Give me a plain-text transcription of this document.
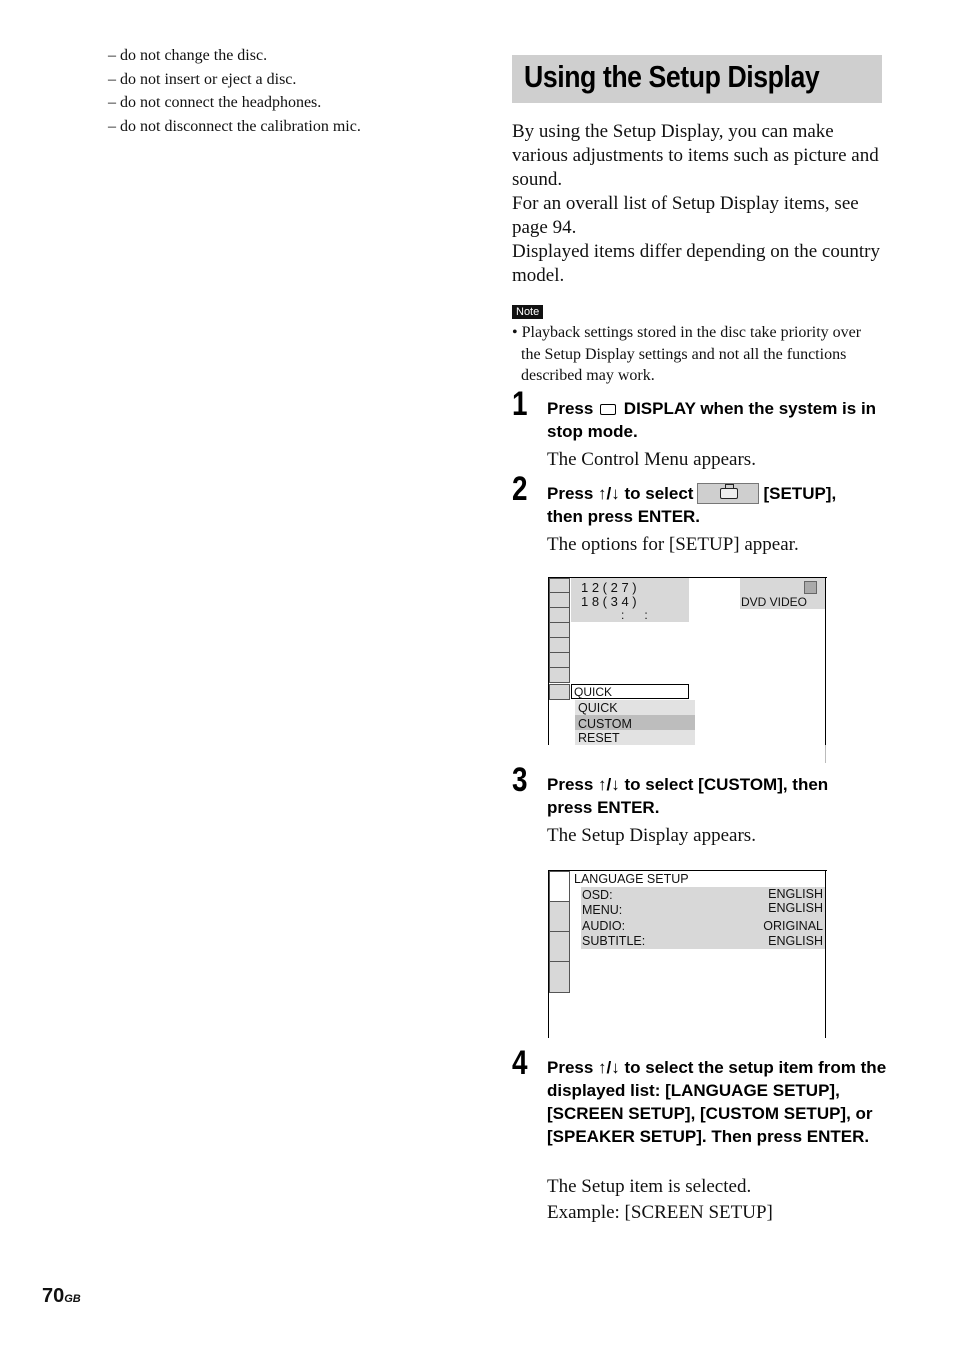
– do not change the disc.
– do not insert or eject a disc.
– do not connect the headphones.
– do not disconnect the calibration mic.
Using the Setup Display

By using the Setup Display, you can make various adjustments to items such as picture and sound.

For an overall list of Setup Display items, see page 94.

Displayed items differ depending on the country model.

Note
• Playback settings stored in the disc take priority over the Setup Display settings and not all the functions described may work.
1 Press DISPLAY when the system is in stop mode.
The Control Menu appears.
2 Press ↑/↓ to select	[SETUP],
then press ENTER.
The options for [SETUP] appear.
1 2 ( 2 7 )
1 8 ( 3 4 )
:      :
DVD VIDEO
QUICK
QUICK
CUSTOM
RESET
3 Press ↑/↓ to select [CUSTOM], then press ENTER.
The Setup Display appears.
LANGUAGE SETUP
OSD:
MENU:
AUDIO:
SUBTITLE:
ENGLISH
ENGLISH
ORIGINAL
ENGLISH
4 Press ↑/↓ to select the setup item from the displayed list: [LANGUAGE SETUP], [SCREEN SETUP], [CUSTOM SETUP], or [SPEAKER SETUP]. Then press ENTER.
The Setup item is selected.
Example: [SCREEN SETUP]
70GB
